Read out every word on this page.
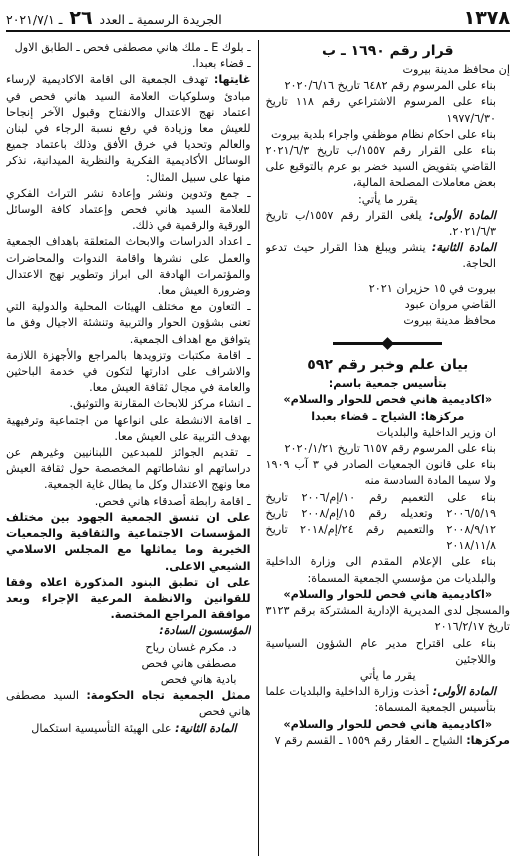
١٣٧٨
الجريدة الرسمية ـ العدد ٢٦ ـ ٢٠٢١/٧/١

قرار رقم ١٦٩٠ ـ ب

إن محافظ مدينة بيروت

بناء على المرسوم رقم ٦٤٨٢ تاريخ ٢٠٢٠/٦/١٦

بناء على المرسوم الاشتراعي رقم ١١٨ تاريخ ١٩٧٧/٦/٣٠

بناء على احكام نظام موظفي واجراء بلدية بيروت

بناء على القرار رقم ١٥٥٧/ب تاريخ ٢٠٢١/٦/٣ القاضي بتفويض السيد خضر بو عرم بالتوقيع على بعض معاملات المصلحة المالية،

يقرر ما يأتي:

المادة الأولى: يلغى القرار رقم ١٥٥٧/ب تاريخ ٢٠٢١/٦/٣.

المادة الثانية: ينشر ويبلغ هذا القرار حيث تدعو الحاجة.

بيروت في ١٥ حزيران ٢٠٢١

القاضي مروان عبود

محافظ مدينة بيروت

بيان علم وخبر رقم ٥٩٢

بتأسيس جمعية باسم:

«اكاديمية هاني فحص للحوار والسلام»

مركزها: الشياح ـ قضاء بعبدا

ان وزير الداخلية والبلديات

بناء على المرسوم رقم ٦١٥٧ تاريخ ٢٠٢٠/١/٢١

بناء على قانون الجمعيات الصادر في ٣ آب ١٩٠٩ ولا سيما المادة السادسة منه

بناء على التعميم رقم ١٠/إم/٢٠٠٦ تاريخ ٢٠٠٦/٥/١٩ وتعديله رقم ١٥/إم/٢٠٠٨ تاريخ ٢٠٠٨/٩/١٢ والتعميم رقم ٢٤/إم/٢٠١٨ تاريخ ٢٠١٨/١١/٨

بناء على الإعلام المقدم الى وزارة الداخلية والبلديات من مؤسسي الجمعية المسماة:

«اكاديمية هاني فحص للحوار والسلام»

والمسجل لدى المديرية الإدارية المشتركة برقم ٣١٢٣ تاريخ ٢٠١٦/٢/١٧

بناء على اقتراح مدير عام الشؤون السياسية واللاجئين

يقرر ما يأتي

المادة الأولى: أخذت وزارة الداخلية والبلديات علما بتأسيس الجمعية المسماة:

«اكاديمية هاني فحص للحوار والسلام»

مركزها: الشياح ـ العقار رقم ١٥٥٩ ـ القسم رقم ٧

ـ بلوك E ـ ملك هاني مصطفى فحص ـ الطابق الاول

ـ قضاء بعبدا.

غايتها: تهدف الجمعية الى اقامة الاكاديمية لإرساء مبادئ وسلوكيات العلامة السيد هاني فحص في اعتماد نهج الاعتدال والانفتاح وقبول الآخر إنجاحا للعيش معا وزيادة في رفع نسبة الرجاء في لبنان والعالم وتحديا في خرق الأفق وذلك باعتماد جميع الوسائل الأكاديمية الفكرية والنظرية الميدانية، نذكر منها على سبيل المثال:

ـ جمع وتدوين ونشر وإعادة نشر التراث الفكري للعلامة السيد هاني فحص وإعتماد كافة الوسائل الورقية والرقمية في ذلك.

ـ اعداد الدراسات والابحاث المتعلقة باهداف الجمعية والعمل على نشرها واقامة الندوات والمحاضرات والمؤتمرات الهادفة الى ابراز وتطوير نهج الاعتدال وضرورة العيش معا.

ـ التعاون مع مختلف الهيئات المحلية والدولية التي تعنى بشؤون الحوار والتربية وتنشئة الاجيال وفق ما يتوافق مع اهداف الجمعية.

ـ اقامة مكتبات وتزويدها بالمراجع والأجهزة اللازمة والاشراف على ادارتها لتكون في خدمة الباحثين والعامة في مجال ثقافة العيش معا.

ـ انشاء مركز للابحاث المقارنة والتوثيق.

ـ اقامة الانشطة على انواعها من اجتماعية وترفيهية بهدف التربية على العيش معا.

ـ تقديم الجوائز للمبدعين اللبنانيين وغيرهم عن دراساتهم او نشاطاتهم المخصصة حول ثقافة العيش معا ونهج الاعتدال وكل ما يطال غاية الجمعية.

ـ اقامة رابطة أصدقاء هاني فحص.

على ان تنسق الجمعية الجهود بين مختلف المؤسسات الاجتماعية والثقافية والجمعيات الخيرية وما يماثلها مع المجلس الاسلامي الشيعي الاعلى.

على ان تطبق البنود المذكورة اعلاه وفقا للقوانين والانظمة المرعية الإجراء وبعد موافقة المراجع المختصة.

المؤسسون السادة:

د. مكرم غسان رياح

مصطفى هاني فحص

بادية هاني فحص

ممثل الجمعية تجاه الحكومة: السيد مصطفى هاني فحص

المادة الثانية: على الهيئة التأسيسية استكمال
